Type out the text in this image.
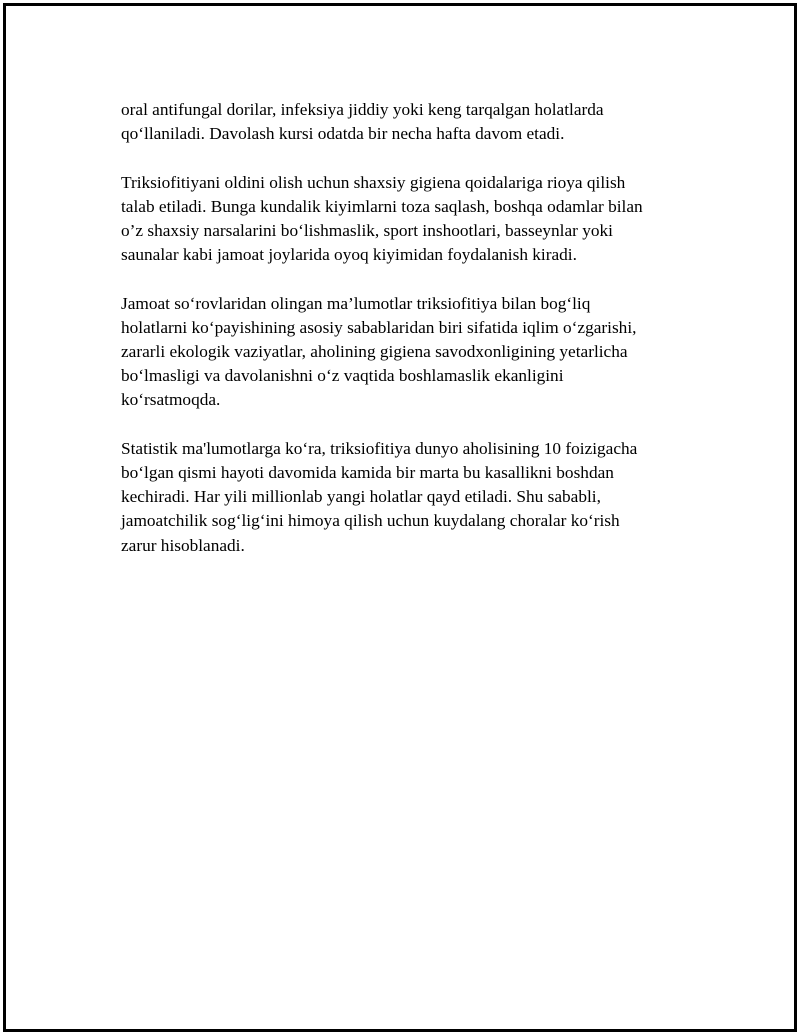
oral antifungal dorilar, infeksiya jiddiy yoki keng tarqalgan holatlarda
qo‘llaniladi. Davolash kursi odatda bir necha hafta davom etadi.

Triksiofitiyani oldini olish uchun shaxsiy gigiena qoidalariga rioya qilish
talab etiladi. Bunga kundalik kiyimlarni toza saqlash, boshqa odamlar bilan
o’z shaxsiy narsalarini bo‘lishmaslik, sport inshootlari, basseynlar yoki
saunalar kabi jamoat joylarida oyoq kiyimidan foydalanish kiradi.

Jamoat so‘rovlaridan olingan ma’lumotlar triksiofitiya bilan bog‘liq
holatlarni ko‘payishining asosiy sabablaridan biri sifatida iqlim o‘zgarishi,
zararli ekologik vaziyatlar, aholining gigiena savodxonligining yetarlicha
bo‘lmasligi va davolanishni o‘z vaqtida boshlamaslik ekanligini
ko‘rsatmoqda.

Statistik ma'lumotlarga ko‘ra, triksiofitiya dunyo aholisining 10 foizigacha
bo‘lgan qismi hayoti davomida kamida bir marta bu kasallikni boshdan
kechiradi. Har yili millionlab yangi holatlar qayd etiladi. Shu sababli,
jamoatchilik sog‘lig‘ini himoya qilish uchun kuydalang choralar ko‘rish
zarur hisoblanadi.
